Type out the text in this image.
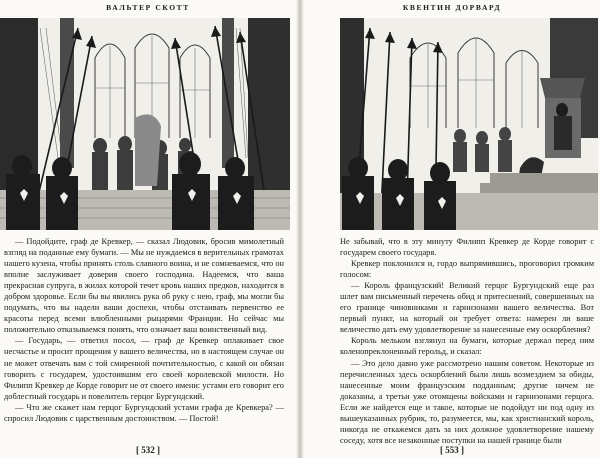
ВАЛЬТЕР СКОТТ

— Подойдите, граф де Кревкер, — сказал Людовик, бросив мимолетный взгляд на поданные ему бумаги. — Мы не нуждаемся в верительных грамотах нашего кузена, чтобы принять столь славного воина, и не сомневаемся, что он вполне заслуживает доверия своего господина. Надеемся, что ваша прекрасная супруга, в жилах которой течет кровь наших предков, находится в добром здоровье. Если бы вы явились рука об руку с нею, граф, мы могли бы подумать, что вы надели ваши доспехи, чтобы отстаивать первенство ее красоты перед всеми влюбленными рыцарями Франции. Но сейчас мы положительно отказываемся понять, что означает ваш воинственный вид.

— Государь, — ответил посол, — граф де Кревкер оплакивает свое несчастье и просит прощения у вашего величества, но в настоящем случае он не может отвечать вам с той смиренной почтительностью, с какой он обязан говорить с государем, удостоившим его своей королевской милости. Но Филипп Кревкер де Корде говорит не от своего имени: устами его говорит его доблестный государь и повелитель герцог Бургундский.

— Что же скажет нам герцог Бургундский устами графа де Кревкера? — спросил Людовик с царственным достоинством. — Постой!

[ 532 ]
КВЕНТИН ДОРВАРД

Не забывай, что в эту минуту Филипп Кревкер де Корде говорит с государем своего государя.

Кревкер поклонился и, гордо выпрямившись, проговорил громким голосом:

— Король французский! Великий герцог Бургундский еще раз шлет вам письменный перечень обид и притеснений, совершенных на его границе чиновниками и гарнизонами вашего величества. Вот первый пункт, на который он требует ответа: намерен ли ваше величество дать ему удовлетворение за нанесенные ему оскорбления?

Король мельком взглянул на бумаги, которые держал перед ним коленопреклоненный герольд, и сказал:

— Это дело давно уже рассмотрено нашим советом. Некоторые из перечисленных здесь оскорблений были лишь возмездием за обиды, нанесенные моим французским подданным; другие ничем не доказаны, а третьи уже отомщены войсками и гарнизонами герцога. Если же найдется еще и такое, которые не подойдут ни под одну из вышеуказанных рубрик, то, разумеется, мы, как христианский король, никогда не откажемся дать за них должное удовлетворение нашему соседу, хотя все незаконные поступки на нашей границе были

[ 553 ]
